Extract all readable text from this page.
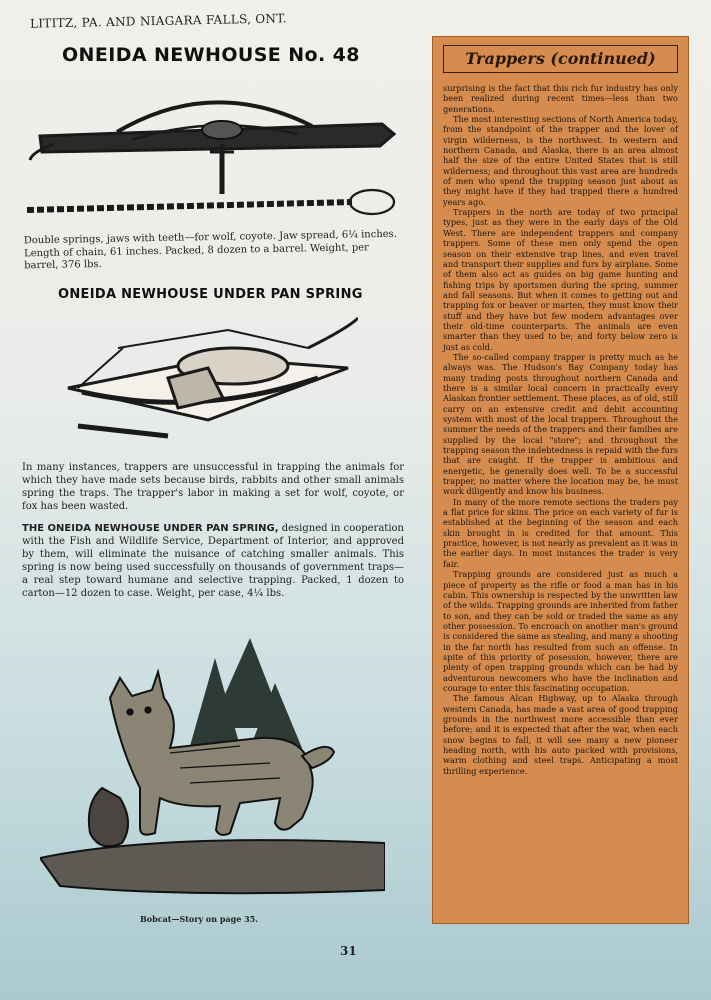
LITITZ, PA. AND NIAGARA FALLS, ONT.
ONEIDA NEWHOUSE No. 48
Double springs, jaws with teeth—for wolf, coyote. Jaw spread, 6¼ inches. Length of chain, 61 inches. Packed, 8 dozen to a barrel. Weight, per barrel, 376 lbs.
ONEIDA NEWHOUSE UNDER PAN SPRING
In many instances, trappers are unsuccessful in trapping the animals for which they have made sets because birds, rabbits and other small animals spring the traps. The trapper's labor in making a set for wolf, coyote, or fox has been wasted.
THE ONEIDA NEWHOUSE UNDER PAN SPRING, designed in cooperation with the Fish and Wildlife Service, Department of Interior, and approved by them, will eliminate the nuisance of catching smaller animals. This spring is now being used successfully on thousands of government traps—a real step toward humane and selective trapping. Packed, 1 dozen to carton—12 dozen to case. Weight, per case, 4¼ lbs.
Bobcat—Story on page 35.
31
Trappers (continued)

surprising is the fact that this rich fur industry has only been realized during recent times—less than two generations.

The most interesting sections of North America today, from the standpoint of the trapper and the lover of virgin wilderness, is the northwest. In western and northern Canada, and Alaska, there is an area almost half the size of the entire United States that is still wilderness; and throughout this vast area are hundreds of men who spend the trapping season just about as they might have if they had trapped there a hundred years ago.

Trappers in the north are today of two principal types, just as they were in the early days of the Old West. There are independent trappers and company trappers. Some of these men only spend the open season on their extensive trap lines, and even travel and transport their supplies and furs by airplane. Some of them also act as guides on big game hunting and fishing trips by sportsmen during the spring, summer and fall seasons. But when it comes to getting out and trapping fox or beaver or marten, they must know their stuff and they have but few modern advantages over their old-time counterparts. The animals are even smarter than they used to be; and forty below zero is just as cold.

The so-called company trapper is pretty much as he always was. The Hudson's Bay Company today has many trading posts throughout northern Canada and there is a similar local concern in practically every Alaskan frontier settlement. These places, as of old, still carry on an extensive credit and debit accounting system with most of the local trappers. Throughout the summer the needs of the trappers and their families are supplied by the local "store"; and throughout the trapping season the indebtedness is repaid with the furs that are caught. If the trapper is ambitious and energetic, he generally does well. To be a successful trapper, no matter where the location may be, he must work diligently and know his business.

In many of the more remote sections the traders pay a flat price for skins. The price on each variety of fur is established at the beginning of the season and each skin brought in is credited for that amount. This practice, however, is not nearly as prevalent as it was in the earlier days. In most instances the trader is very fair.

Trapping grounds are considered just as much a piece of property as the rifle or food a man has in his cabin. This ownership is respected by the unwritten law of the wilds. Trapping grounds are inherited from father to son, and they can be sold or traded the same as any other possession. To encroach on another man's ground is considered the same as stealing, and many a shooting in the far north has resulted from such an offense. In spite of this priority of posession, however, there are plenty of open trapping grounds which can be had by adventurous newcomers who have the inclination and courage to enter this fascinating occupation.

The famous Alcan Highway, up to Alaska through western Canada, has made a vast area of good trapping grounds in the northwest more accessible than ever before; and it is expected that after the war, when each snow begins to fall, it will see many a new pioneer heading north, with his auto packed with provisions, warm clothing and steel traps. Anticipating a most thrilling experience.
